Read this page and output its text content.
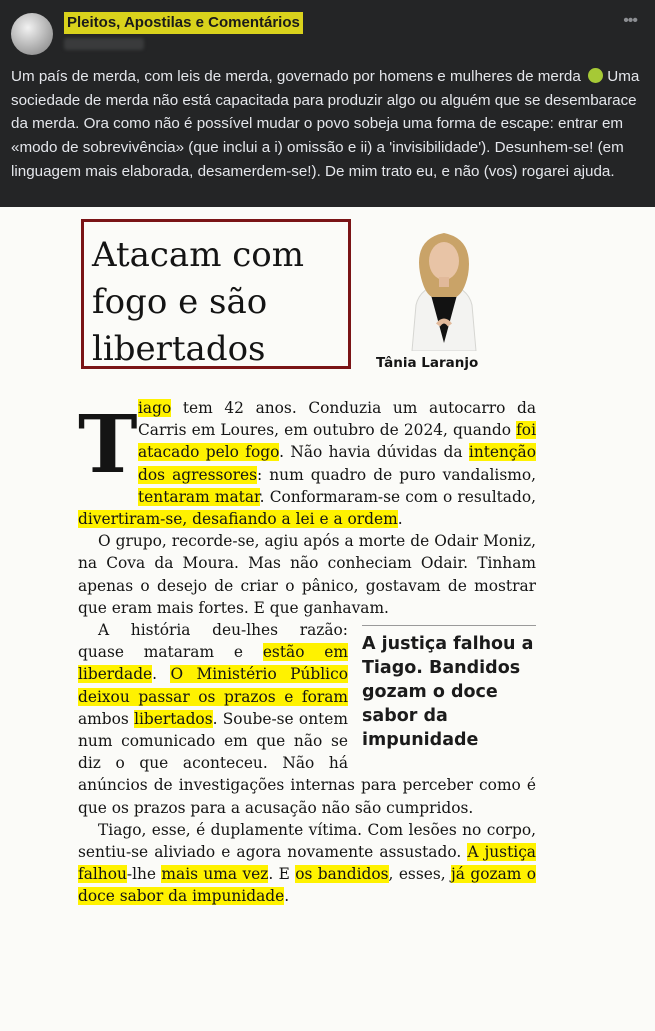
Pleitos, Apostilas e Comentários	•••
Um país de merda, com leis de merda, governado por homens e mulheres de merda Uma sociedade de merda não está capacitada para produzir algo ou alguém que se desembarace da merda. Ora como não é possível mudar o povo sobeja uma forma de escape: entrar em «modo de sobrevivência» (que inclui a i) omissão e ii) a 'invisibilidade'). Desunhem-se! (em linguagem mais elaborada, desamerdem-se!). De mim trato eu, e não (vos) rogarei ajuda.
Atacam com fogo e são libertados	Tânia Laranjo
T iago tem 42 anos. Conduzia um autocarro da Carris em Loures, em outubro de 2024, quando foi atacado pelo fogo. Não havia dúvidas da intenção dos agressores: num quadro de puro vandalismo, tentaram matar. Conformaram-se com o resultado, divertiram-se, desafiando a lei e a ordem.

O grupo, recorde-se, agiu após a morte de Odair Moniz, na Cova da Moura. Mas não conheciam Odair. Tinham apenas o desejo de criar o pânico, gostavam de mostrar que eram mais fortes. E que ganhavam.

A justiça falhou a Tiago. Bandidos gozam o doce sabor da impunidade

A história deu-lhes razão: quase mataram e estão em liberdade. O Ministério Público deixou passar os prazos e foram ambos libertados. Soube-se ontem num comunicado em que não se diz o que aconteceu. Não há anúncios de investigações internas para perceber como é que os prazos para a acusação não são cumpridos.

Tiago, esse, é duplamente vítima. Com lesões no corpo, sentiu-se aliviado e agora novamente assustado. A justiça falhou-lhe mais uma vez. E os bandidos, esses, já gozam o doce sabor da impunidade.
